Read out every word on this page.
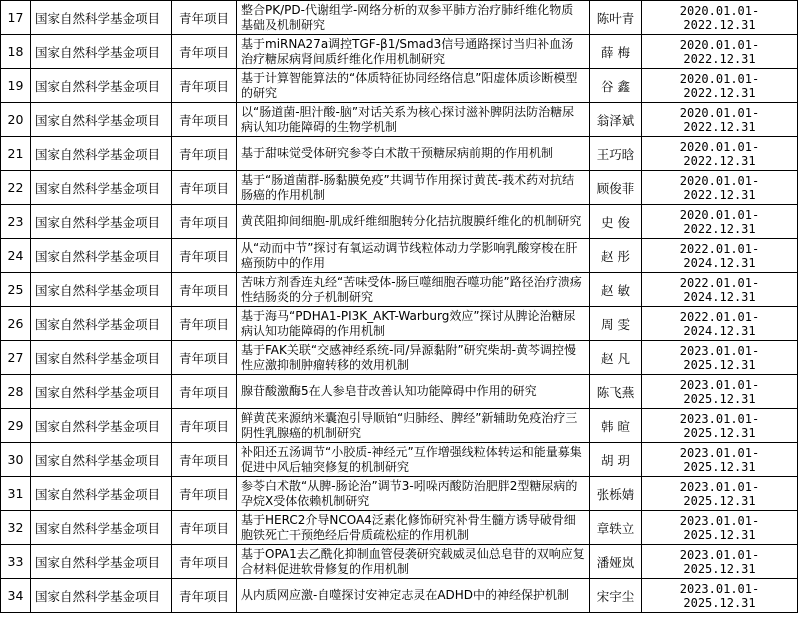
17	国家自然科学基金项目	青年项目	整合PK/PD-代谢组学-网络分析的双参平肺方治疗肺纤维化物质基础及机制研究	陈叶青	2020.01.01-2022.12.31
18	国家自然科学基金项目	青年项目	基于miRNA27a调控TGF-β1/Smad3信号通路探讨当归补血汤治疗糖尿病肾间质纤维化作用机制研究	薛 梅	2020.01.01-2022.12.31
19	国家自然科学基金项目	青年项目	基于计算智能算法的“体质特征协同经络信息”阳虚体质诊断模型的研究	谷 鑫	2020.01.01-2022.12.31
20	国家自然科学基金项目	青年项目	以“肠道菌-胆汁酸-脑”对话关系为核心探讨滋补脾阴法防治糖尿病认知功能障碍的生物学机制	翁泽斌	2020.01.01-2022.12.31
21	国家自然科学基金项目	青年项目	基于甜味觉受体研究参苓白术散干预糖尿病前期的作用机制	王巧晗	2020.01.01-2022.12.31
22	国家自然科学基金项目	青年项目	基于“肠道菌群-肠黏膜免疫”共调节作用探讨黄芪-莪术药对抗结肠癌的作用机制	顾俊菲	2020.01.01-2022.12.31
23	国家自然科学基金项目	青年项目	黄芪阻抑间细胞-肌成纤维细胞转分化拮抗腹膜纤维化的机制研究	史 俊	2020.01.01-2022.12.31
24	国家自然科学基金项目	青年项目	从“动而中节”探讨有氧运动调节线粒体动力学影响乳酸穿梭在肝癌预防中的作用	赵 彤	2022.01.01-2024.12.31
25	国家自然科学基金项目	青年项目	苦味方剂香连丸经“苦味受体-肠巨噬细胞吞噬功能”路径治疗溃疡性结肠炎的分子机制研究	赵 敏	2022.01.01-2024.12.31
26	国家自然科学基金项目	青年项目	基于海马“PDHA1-PI3K_AKT-Warburg效应”探讨从脾论治糖尿病认知功能障碍的作用机制	周 雯	2022.01.01-2024.12.31
27	国家自然科学基金项目	青年项目	基于FAK关联“交感神经系统-同/异源黏附”研究柴胡-黄芩调控慢性应激抑制肿瘤转移的效用机制	赵 凡	2023.01.01-2025.12.31
28	国家自然科学基金项目	青年项目	腺苷酸激酶5在人参皂苷改善认知功能障碍中作用的研究	陈飞燕	2023.01.01-2025.12.31
29	国家自然科学基金项目	青年项目	鲜黄芪来源纳米囊泡引导顺铂“归肺经、脾经”新辅助免疫治疗三阴性乳腺癌的机制研究	韩 暄	2023.01.01-2025.12.31
30	国家自然科学基金项目	青年项目	补阳还五汤调节“小胶质-神经元”互作增强线粒体转运和能量募集促进中风后轴突修复的机制研究	胡 玥	2023.01.01-2025.12.31
31	国家自然科学基金项目	青年项目	参苓白术散“从脾-肠论治”调节3-吲哚丙酸防治肥胖2型糖尿病的孕烷X受体依赖机制研究	张栎婧	2023.01.01-2025.12.31
32	国家自然科学基金项目	青年项目	基于HERC2介导NCOA4泛素化修饰研究补骨生髓方诱导破骨细胞铁死亡干预绝经后骨质疏松症的作用机制	章轶立	2023.01.01-2025.12.31
33	国家自然科学基金项目	青年项目	基于OPA1去乙酰化抑制血管侵袭研究载威灵仙总皂苷的双响应复合材料促进软骨修复的作用机制	潘娅岚	2023.01.01-2025.12.31
34	国家自然科学基金项目	青年项目	从内质网应激-自噬探讨安神定志灵在ADHD中的神经保护机制	宋宇尘	2023.01.01-2025.12.31
